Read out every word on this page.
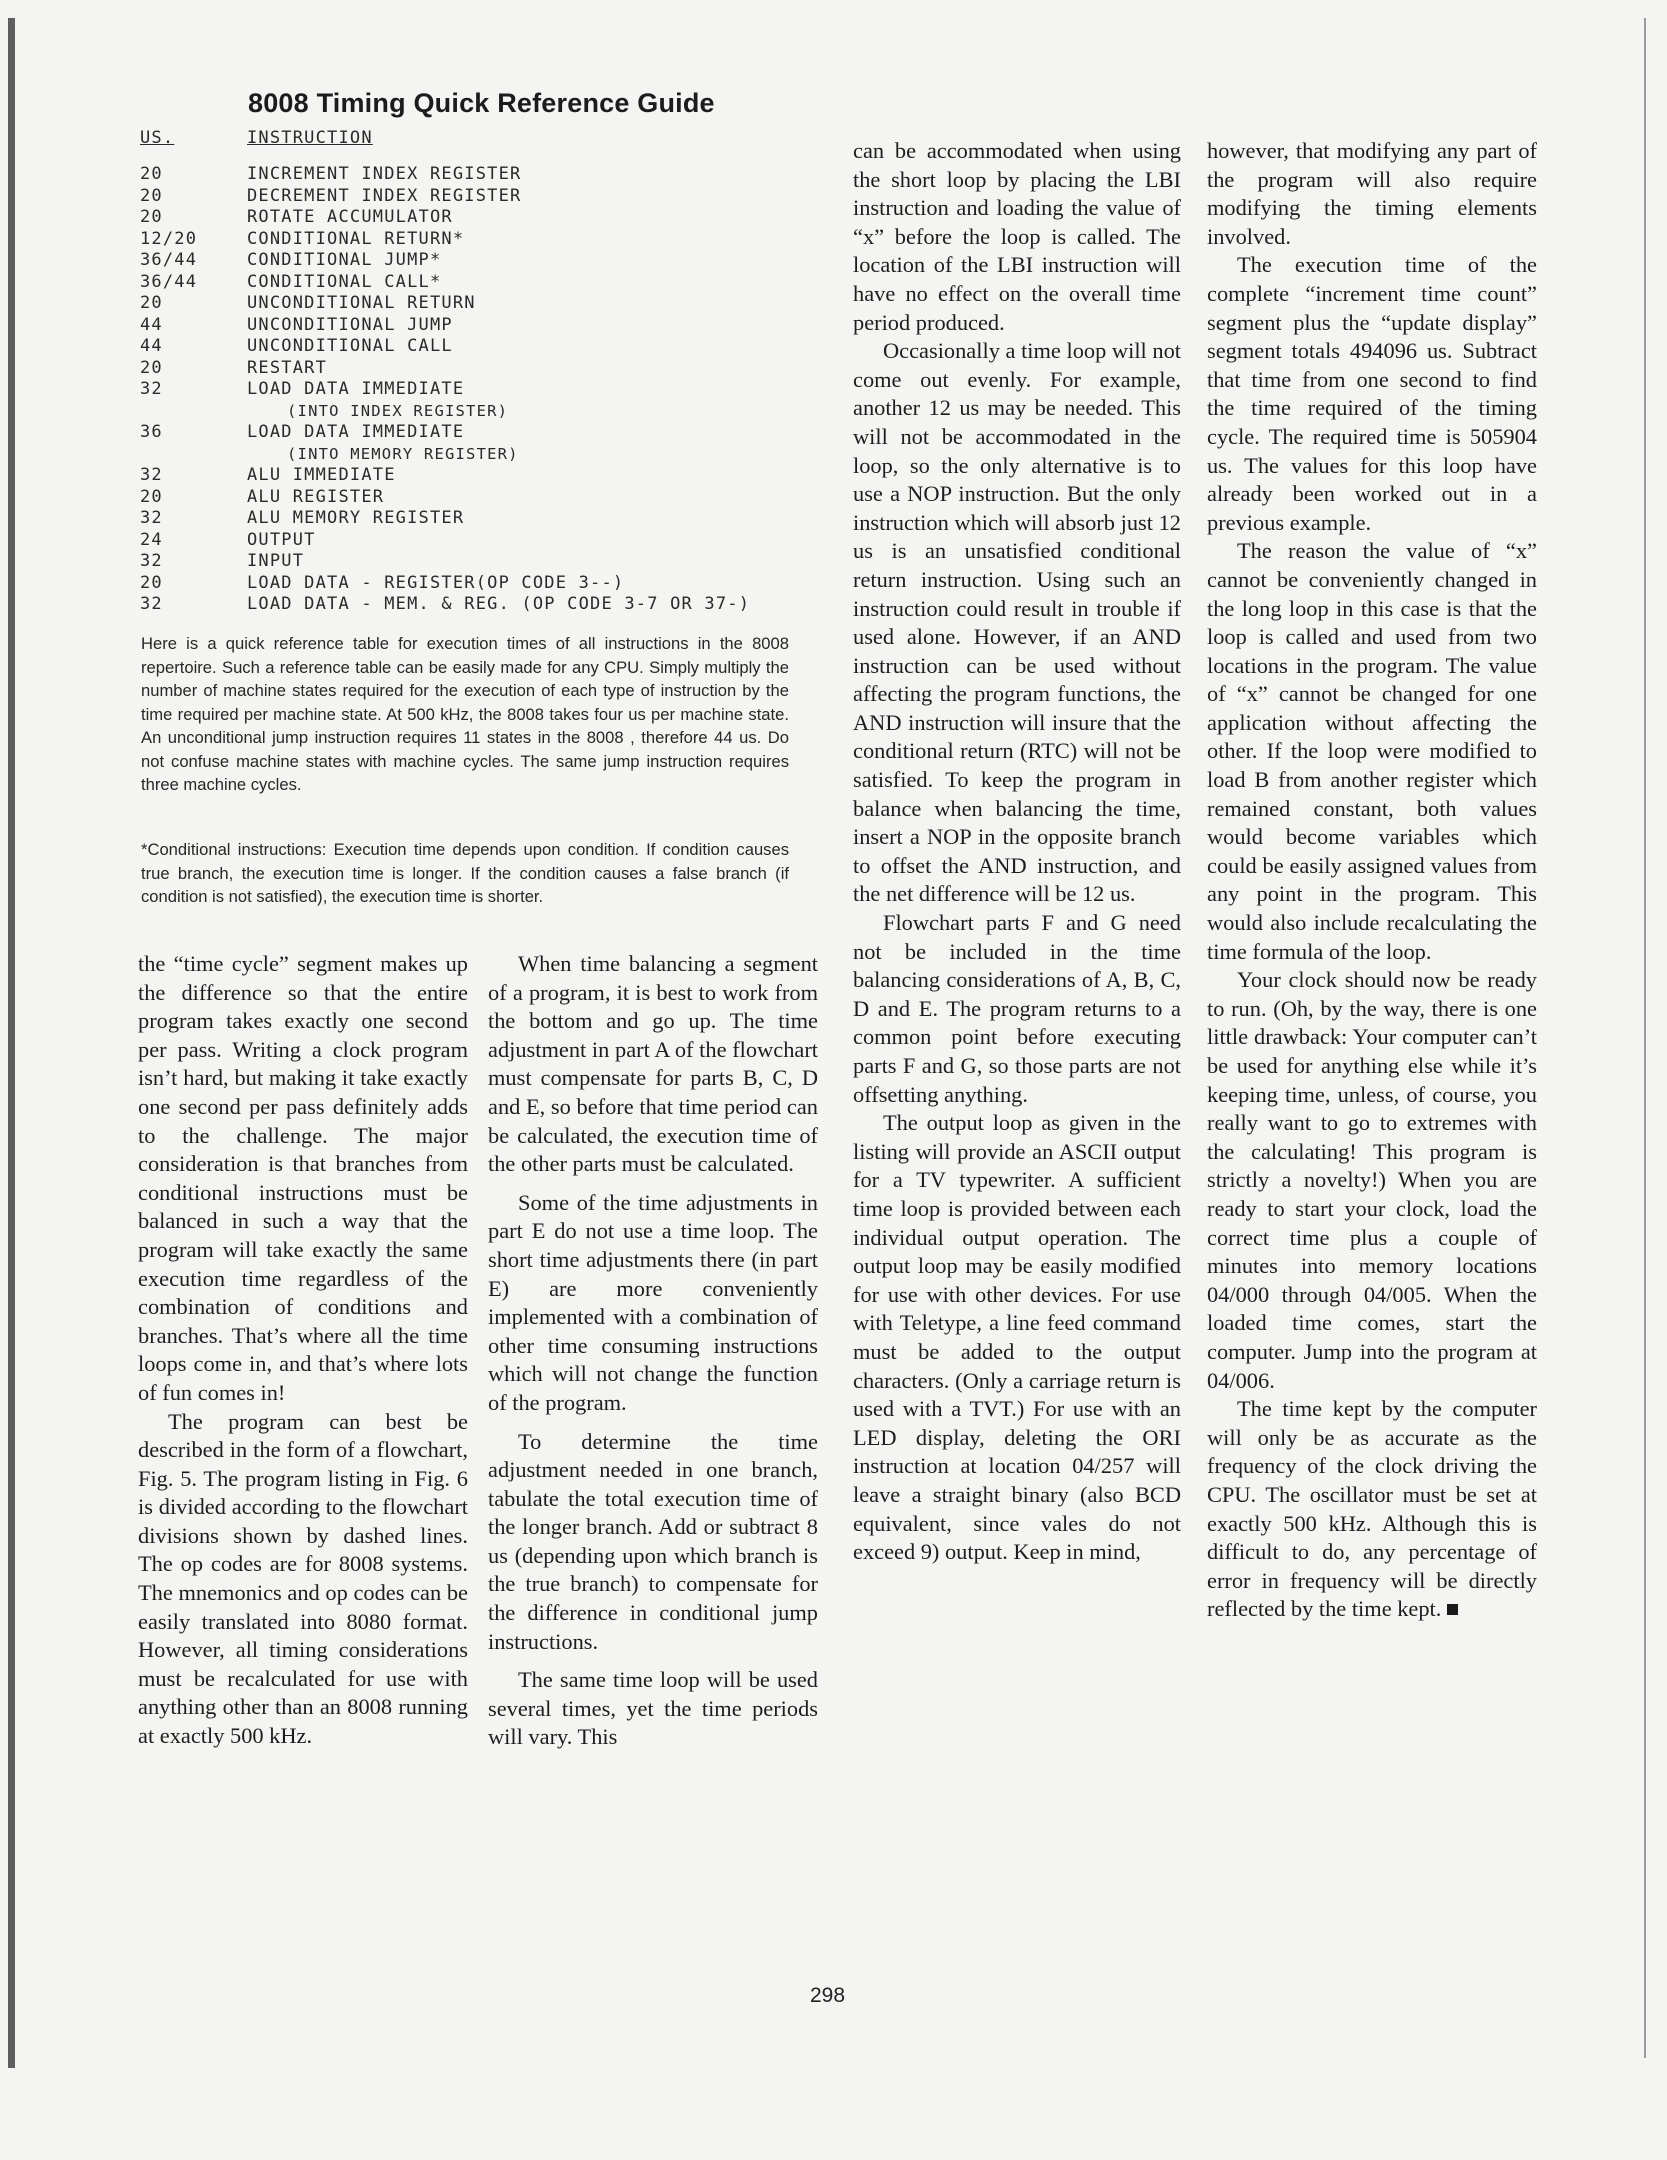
8008 Timing Quick Reference Guide
US.	INSTRUCTION
20	INCREMENT INDEX REGISTER
20	DECREMENT INDEX REGISTER
20	ROTATE ACCUMULATOR
12/20	CONDITIONAL RETURN*
36/44	CONDITIONAL JUMP*
36/44	CONDITIONAL CALL*
20	UNCONDITIONAL RETURN
44	UNCONDITIONAL JUMP
44	UNCONDITIONAL CALL
20	RESTART
32	LOAD DATA IMMEDIATE
(INTO INDEX REGISTER)
36	LOAD DATA IMMEDIATE
(INTO MEMORY REGISTER)
32	ALU IMMEDIATE
20	ALU REGISTER
32	ALU MEMORY REGISTER
24	OUTPUT
32	INPUT
20	LOAD DATA - REGISTER(OP CODE 3--)
32	LOAD DATA - MEM. & REG. (OP CODE 3-7 OR 37-)

Here is a quick reference table for execution times of all instructions in the 8008 repertoire. Such a reference table can be easily made for any CPU. Simply multiply the number of machine states required for the execution of each type of instruction by the time required per machine state. At 500 kHz, the 8008 takes four us per machine state. An unconditional jump instruction requires 11 states in the 8008 , therefore 44 us. Do not confuse machine states with machine cycles. The same jump instruction requires three machine cycles.

*Conditional instructions: Execution time depends upon condition. If condition causes true branch, the execution time is longer. If the condition causes a false branch (if condition is not satisfied), the execution time is shorter.

the “time cycle” segment makes up the difference so that the entire program takes exactly one second per pass. Writing a clock program isn’t hard, but making it take exactly one second per pass definitely adds to the challenge. The major consideration is that branches from conditional instructions must be balanced in such a way that the program will take exactly the same execution time regardless of the combination of conditions and branches. That’s where all the time loops come in, and that’s where lots of fun comes in!

The program can best be described in the form of a flowchart, Fig. 5. The program listing in Fig. 6 is divided according to the flowchart divisions shown by dashed lines. The op codes are for 8008 systems. The mnemonics and op codes can be easily translated into 8080 format. However, all timing considerations must be recalculated for use with anything other than an 8008 running at exactly 500 kHz.

When time balancing a segment of a program, it is best to work from the bottom and go up. The time adjustment in part A of the flowchart must compensate for parts B, C, D and E, so before that time period can be calculated, the execution time of the other parts must be calculated.

Some of the time adjustments in part E do not use a time loop. The short time adjustments there (in part E) are more conveniently implemented with a combination of other time consuming instructions which will not change the function of the program.

To determine the time adjustment needed in one branch, tabulate the total execution time of the longer branch. Add or subtract 8 us (depending upon which branch is the true branch) to compensate for the difference in conditional jump instructions.

The same time loop will be used several times, yet the time periods will vary. This

can be accommodated when using the short loop by placing the LBI instruction and loading the value of “x” before the loop is called. The location of the LBI instruction will have no effect on the overall time period produced.

Occasionally a time loop will not come out evenly. For example, another 12 us may be needed. This will not be accommodated in the loop, so the only alternative is to use a NOP instruction. But the only instruction which will absorb just 12 us is an unsatisfied conditional return instruction. Using such an instruction could result in trouble if used alone. However, if an AND instruction can be used without affecting the program functions, the AND instruction will insure that the conditional return (RTC) will not be satisfied. To keep the program in balance when balancing the time, insert a NOP in the opposite branch to offset the AND instruction, and the net difference will be 12 us.

Flowchart parts F and G need not be included in the time balancing considerations of A, B, C, D and E. The program returns to a common point before executing parts F and G, so those parts are not offsetting anything.

The output loop as given in the listing will provide an ASCII output for a TV typewriter. A sufficient time loop is provided between each individual output operation. The output loop may be easily modified for use with other devices. For use with Teletype, a line feed command must be added to the output characters. (Only a carriage return is used with a TVT.) For use with an LED display, deleting the ORI instruction at location 04/257 will leave a straight binary (also BCD equivalent, since vales do not exceed 9) output. Keep in mind,

however, that modifying any part of the program will also require modifying the timing elements involved.

The execution time of the complete “increment time count” segment plus the “update display” segment totals 494096 us. Subtract that time from one second to find the time required of the timing cycle. The required time is 505904 us. The values for this loop have already been worked out in a previous example.

The reason the value of “x” cannot be conveniently changed in the long loop in this case is that the loop is called and used from two locations in the program. The value of “x” cannot be changed for one application without affecting the other. If the loop were modified to load B from another register which remained constant, both values would become variables which could be easily assigned values from any point in the program. This would also include recalculating the time formula of the loop.

Your clock should now be ready to run. (Oh, by the way, there is one little drawback: Your computer can’t be used for anything else while it’s keeping time, unless, of course, you really want to go to extremes with the calculating! This program is strictly a novelty!) When you are ready to start your clock, load the correct time plus a couple of minutes into memory locations 04/000 through 04/005. When the loaded time comes, start the computer. Jump into the program at 04/006.

The time kept by the computer will only be as accurate as the frequency of the clock driving the CPU. The oscillator must be set at exactly 500 kHz. Although this is difficult to do, any percentage of error in frequency will be directly reflected by the time kept.

298
